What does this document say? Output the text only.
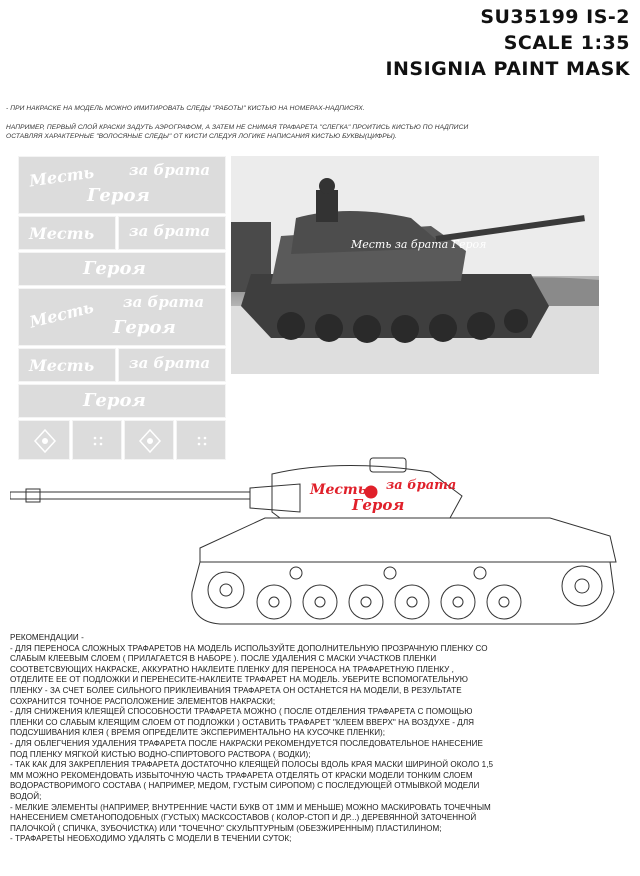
SU35199 IS-2
SCALE 1:35
INSIGNIA PAINT MASK
- ПРИ НАКРАСКЕ НА МОДЕЛЬ МОЖНО ИМИТИРОВАТЬ СЛЕДЫ "РАБОТЫ" КИСТЬЮ НА НОМЕРАХ-НАДПИСЯХ.
НАПРИМЕР, ПЕРВЫЙ СЛОЙ КРАСКИ ЗАДУТЬ АЭРОГРАФОМ, А ЗАТЕМ НЕ СНИМАЯ ТРАФАРЕТА "СЛЕГКА" ПРОИТИСЬ КИСТЬЮ ПО НАДПИСИ
ОСТАВЛЯЯ ХАРАКТЕРНЫЕ "ВОЛОСЯНЫЕ СЛЕДЫ" ОТ КИСТИ СЛЕДУЯ ЛОГИКЕ НАПИСАНИЯ КИСТЬЮ БУКВЫ(ЦИФРЫ).
Месть за брата
Героя
Месть за брата
Героя
Месть за брата
Героя
Месть за брата
Героя
Месть за брата Героя
Месть за брата
Героя

РЕКОМЕНДАЦИИ -

- ДЛЯ ПЕРЕНОСА СЛОЖНЫХ ТРАФАРЕТОВ НА МОДЕЛЬ ИСПОЛЬЗУЙТЕ ДОПОЛНИТЕЛЬНУЮ ПРОЗРАЧНУЮ ПЛЕНКУ СО

СЛАБЫМ КЛЕЕВЫМ СЛОЕМ ( ПРИЛАГАЕТСЯ В НАБОРЕ ). ПОСЛЕ УДАЛЕНИЯ С МАСКИ УЧАСТКОВ ПЛЕНКИ

СООТВЕТСВУЮЩИХ НАКРАСКЕ, АККУРАТНО НАКЛЕИТЕ ПЛЕНКУ ДЛЯ ПЕРЕНОСА НА ТРАФАРЕТНУЮ ПЛЕНКУ ,

ОТДЕЛИТЕ ЕЕ ОТ ПОДЛОЖКИ И ПЕРЕНЕСИТЕ-НАКЛЕИТЕ ТРАФАРЕТ НА МОДЕЛЬ. УБЕРИТЕ ВСПОМОГАТЕЛЬНУЮ

ПЛЕНКУ - ЗА СЧЕТ БОЛЕЕ СИЛЬНОГО ПРИКЛЕИВАНИЯ ТРАФАРЕТА ОН ОСТАНЕТСЯ НА МОДЕЛИ, В РЕЗУЛЬТАТЕ

СОХРАНИТСЯ ТОЧНОЕ РАСПОЛОЖЕНИЕ ЭЛЕМЕНТОВ НАКРАСКИ;

- ДЛЯ СНИЖЕНИЯ КЛЕЯЩЕЙ СПОСОБНОСТИ ТРАФАРЕТА МОЖНО ( ПОСЛЕ ОТДЕЛЕНИЯ ТРАФАРЕТА С ПОМОЩЬЮ

ПЛЕНКИ СО СЛАБЫМ КЛЕЯЩИМ СЛОЕМ ОТ ПОДЛОЖКИ ) ОСТАВИТЬ ТРАФАРЕТ "КЛЕЕМ ВВЕРХ" НА ВОЗДУХЕ - ДЛЯ

ПОДСУШИВАНИЯ КЛЕЯ ( ВРЕМЯ ОПРЕДЕЛИТЕ ЭКСПЕРИМЕНТАЛЬНО НА КУСОЧКЕ ПЛЕНКИ);

- ДЛЯ ОБЛЕГЧЕНИЯ УДАЛЕНИЯ ТРАФАРЕТА ПОСЛЕ НАКРАСКИ РЕКОМЕНДУЕТСЯ ПОСЛЕДОВАТЕЛЬНОЕ НАНЕСЕНИЕ

ПОД ПЛЕНКУ МЯГКОЙ КИСТЬЮ ВОДНО-СПИРТОВОГО РАСТВОРА ( ВОДКИ);

- ТАК КАК ДЛЯ ЗАКРЕПЛЕНИЯ ТРАФАРЕТА ДОСТАТОЧНО КЛЕЯЩЕЙ ПОЛОСЫ ВДОЛЬ КРАЯ МАСКИ ШИРИНОЙ ОКОЛО 1,5

ММ МОЖНО РЕКОМЕНДОВАТЬ ИЗБЫТОЧНУЮ ЧАСТЬ ТРАФАРЕТА ОТДЕЛЯТЬ ОТ КРАСКИ МОДЕЛИ ТОНКИМ СЛОЕМ

ВОДОРАСТВОРИМОГО СОСТАВА ( НАПРИМЕР, МЕДОМ, ГУСТЫМ СИРОПОМ) С ПОСЛЕДУЮЩЕЙ ОТМЫВКОЙ МОДЕЛИ

ВОДОЙ;

- МЕЛКИЕ ЭЛЕМЕНТЫ (НАПРИМЕР, ВНУТРЕННИЕ ЧАСТИ БУКВ ОТ 1ММ И МЕНЬШЕ) МОЖНО МАСКИРОВАТЬ ТОЧЕЧНЫМ

НАНЕСЕНИЕМ СМЕТАНОПОДОБНЫХ (ГУСТЫХ) МАСКСОСТАВОВ ( КОЛОР-СТОП И ДР...) ДЕРЕВЯННОЙ ЗАТОЧЕННОЙ

ПАЛОЧКОЙ ( СПИЧКА, ЗУБОЧИСТКА) ИЛИ "ТОЧЕЧНО" СКУЛЬПТУРНЫМ (ОБЕЗЖИРЕННЫМ) ПЛАСТИЛИНОМ;

- ТРАФАРЕТЫ НЕОБХОДИМО УДАЛЯТЬ С МОДЕЛИ В ТЕЧЕНИИ СУТОК;
